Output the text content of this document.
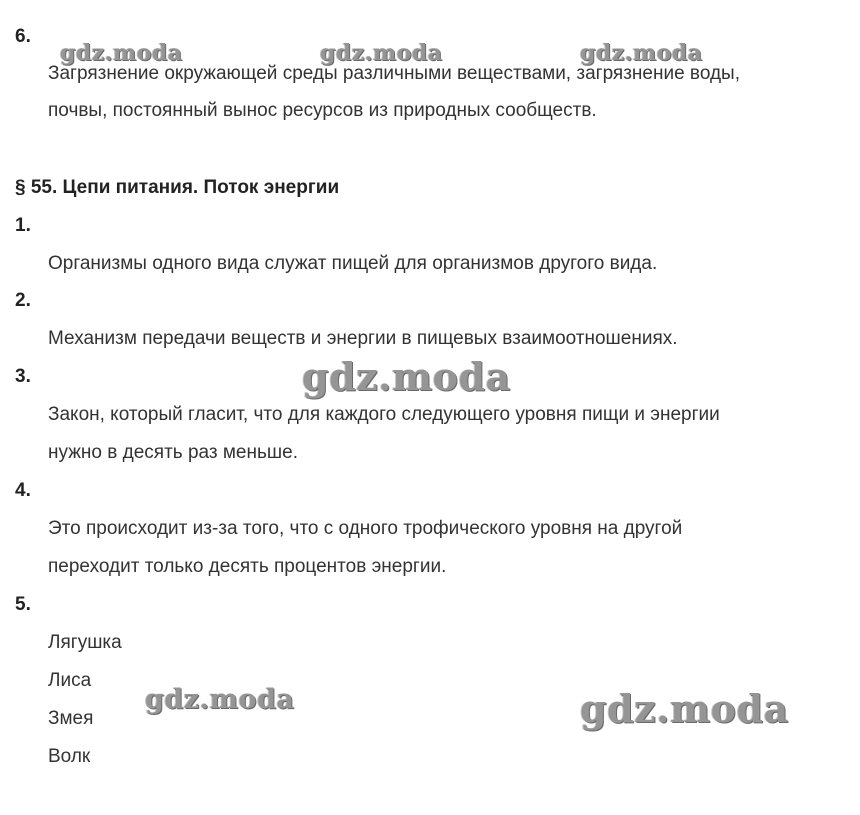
gdz.moda	gdz.moda	gdz.moda
gdz.moda
gdz.moda	gdz.moda
6.
Загрязнение окружающей среды различными веществами, загрязнение воды,
почвы, постоянный вынос ресурсов из природных сообществ.
§ 55. Цепи питания. Поток энергии
1.
Организмы одного вида служат пищей для организмов другого вида.
2.
Механизм передачи веществ и энергии в пищевых взаимоотношениях.
3.
Закон, который гласит, что для каждого следующего уровня пищи и энергии
нужно в десять раз меньше.
4.
Это происходит из-за того, что с одного трофического уровня на другой
переходит только десять процентов энергии.
5.
Лягушка
Лиса
Змея
Волк
